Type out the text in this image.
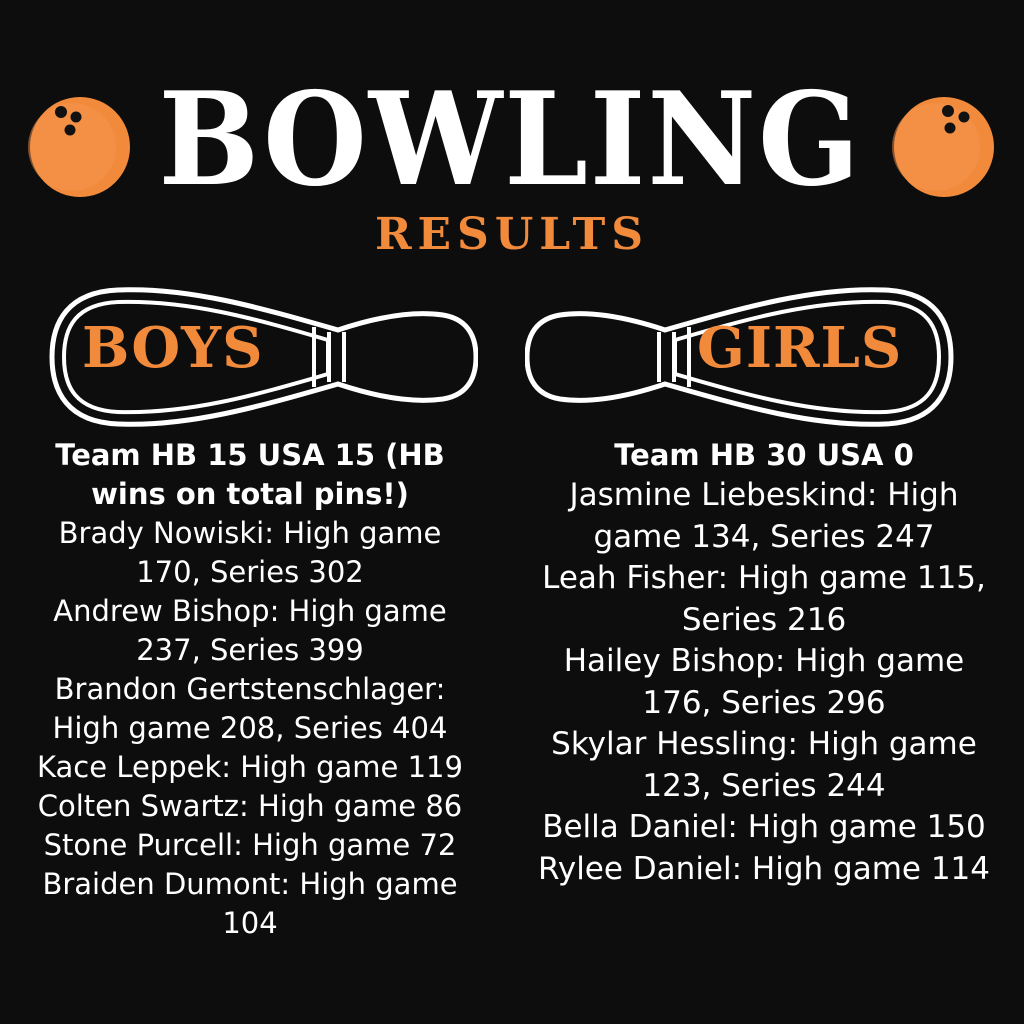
BOWLING
RESULTS
BOYS	GIRLS
Team HB 15 USA 15 (HB wins on total pins!)
Brady Nowiski: High game
170, Series 302
Andrew Bishop: High game
237, Series 399
Brandon Gertstenschlager:
High game 208, Series 404
Kace Leppek: High game 119
Colten Swartz: High game 86
Stone Purcell: High game 72
Braiden Dumont: High game
104
Team HB 30 USA 0
Jasmine Liebeskind: High
game 134, Series 247
Leah Fisher: High game 115,
Series 216
Hailey Bishop: High game
176, Series 296
Skylar Hessling: High game
123, Series 244
Bella Daniel: High game 150
Rylee Daniel: High game 114
